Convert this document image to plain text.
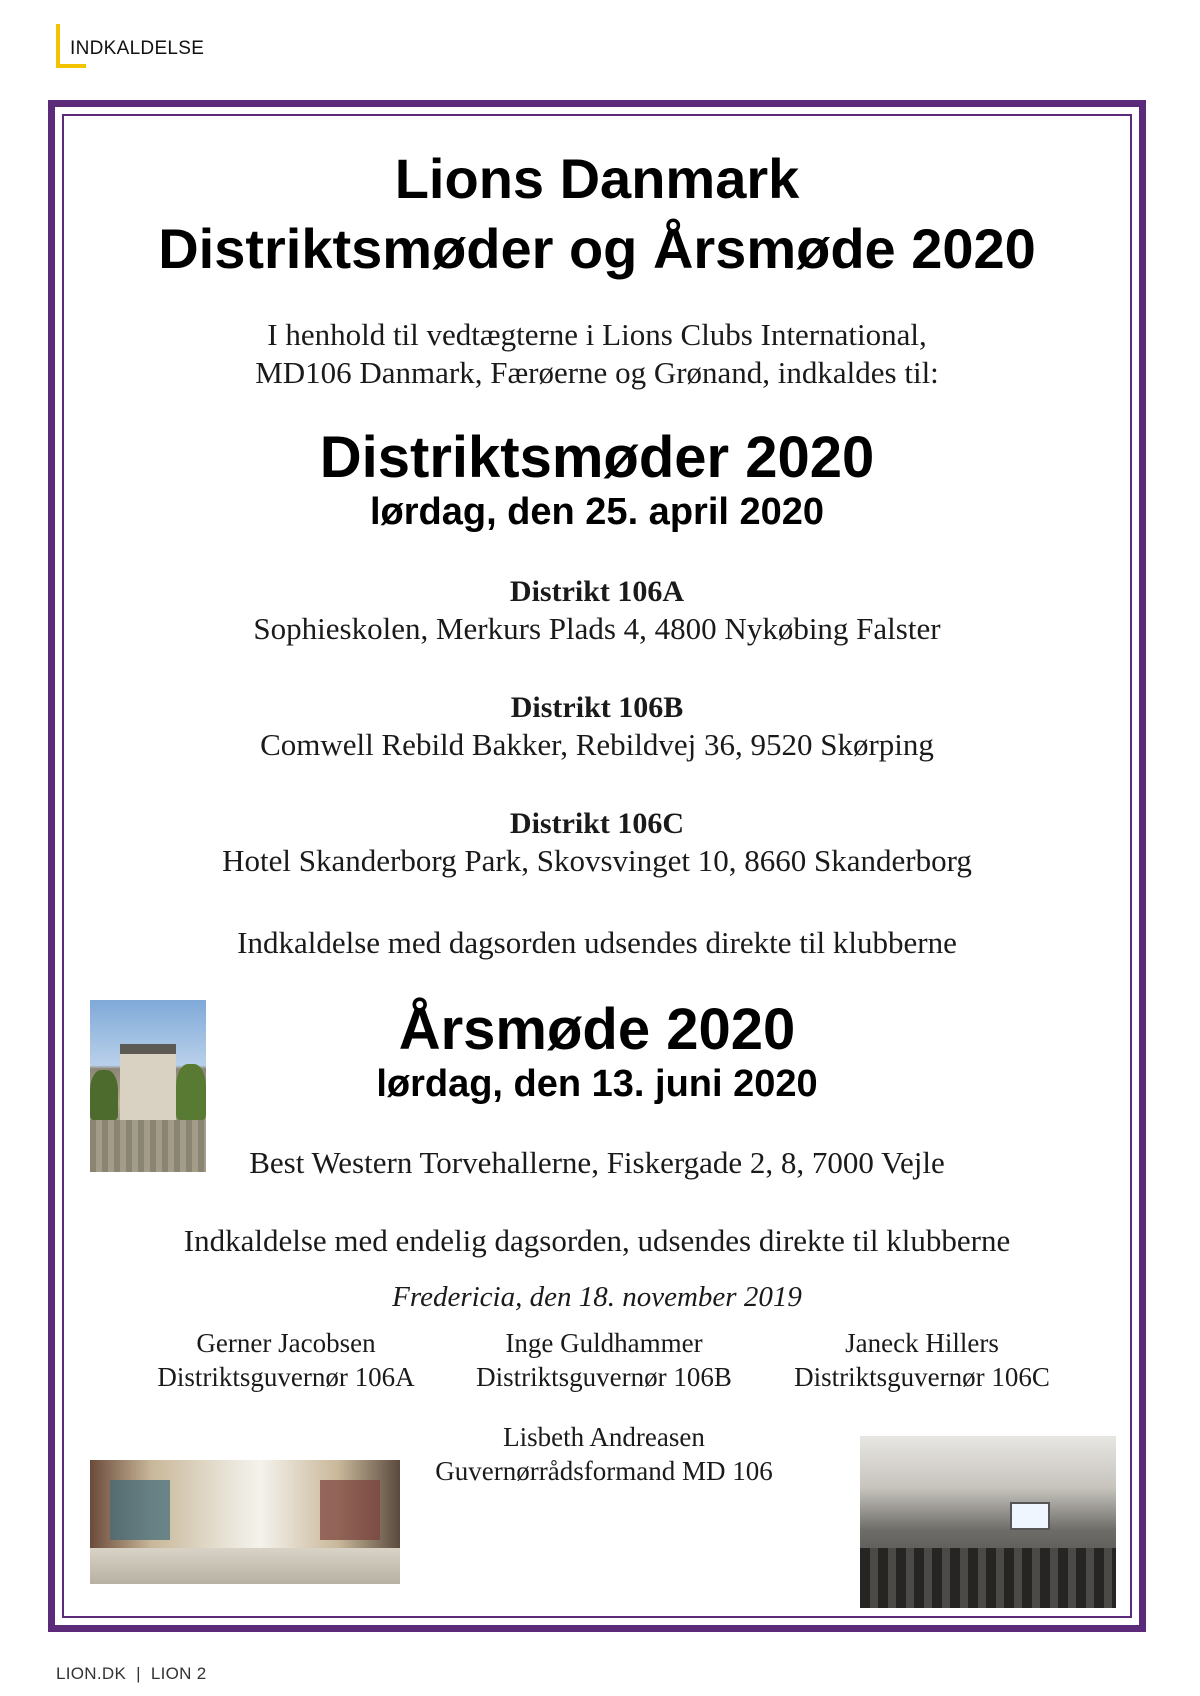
INDKALDELSE
Lions Danmark
Distriktsmøder og Årsmøde 2020
I henhold til vedtægterne i Lions Clubs International,
MD106 Danmark, Færøerne og Grønand, indkaldes til:
Distriktsmøder 2020
lørdag, den 25. april 2020
Distrikt 106A
Sophieskolen, Merkurs Plads 4, 4800 Nykøbing Falster
Distrikt 106B
Comwell Rebild Bakker, Rebildvej 36, 9520 Skørping
Distrikt 106C
Hotel Skanderborg Park, Skovsvinget 10, 8660 Skanderborg
Indkaldelse med dagsorden udsendes direkte til klubberne
Årsmøde 2020
lørdag, den 13. juni 2020
Best Western Torvehallerne, Fiskergade 2, 8, 7000 Vejle
Indkaldelse med endelig dagsorden, udsendes direkte til klubberne
Fredericia, den 18. november 2019
Gerner Jacobsen
Distriktsguvernør 106A
Inge Guldhammer
Distriktsguvernør 106B
Janeck Hillers
Distriktsguvernør 106C
Lisbeth Andreasen
Guvernørrådsformand MD 106
LION.DK | LION 2
